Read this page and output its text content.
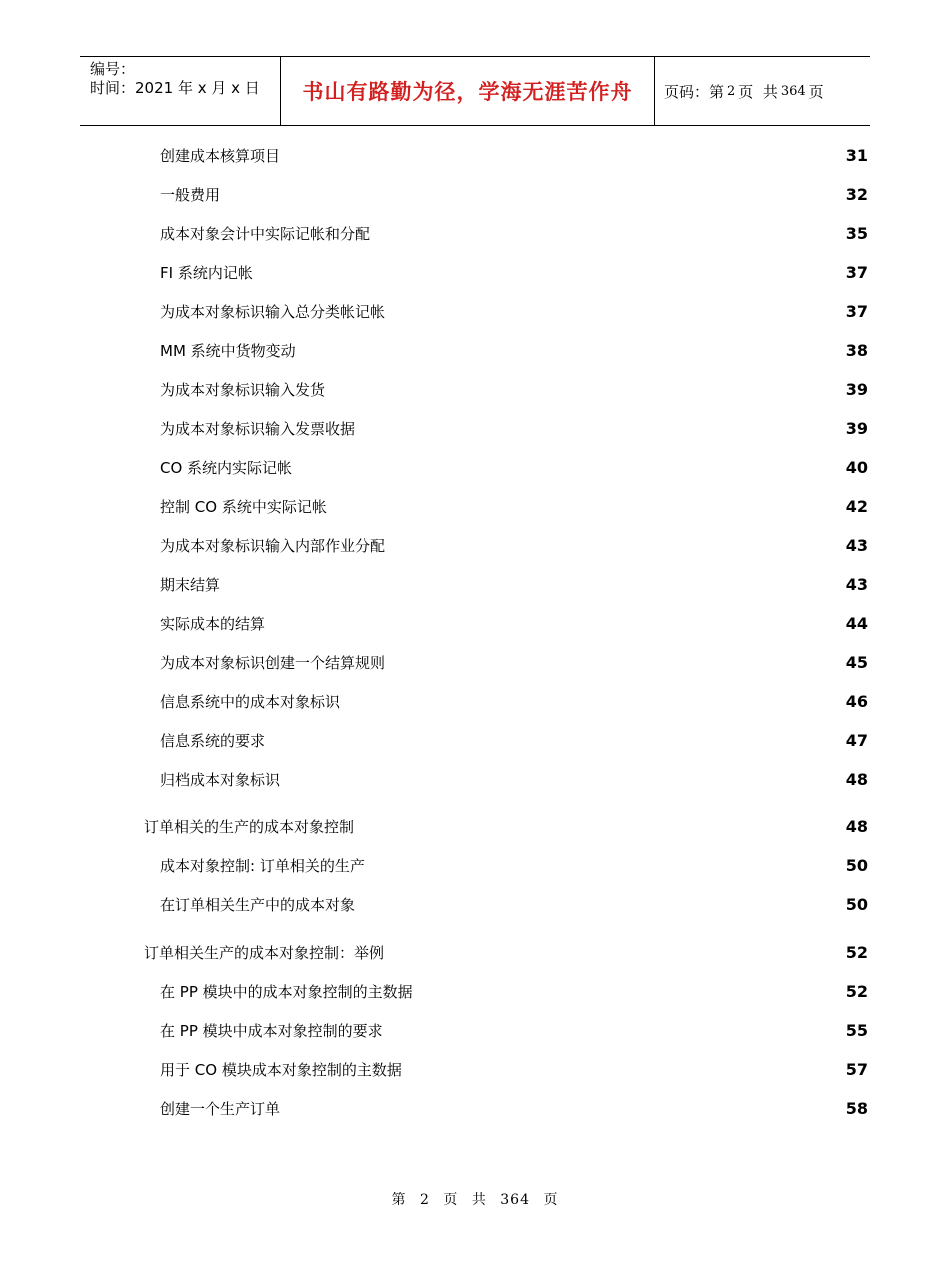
编号：
时间：2021 年 x 月 x 日	书山有路勤为径，学海无涯苦作舟	页码：第 2 页  共 364 页
创建成本核算项目	31
一般费用	32
成本对象会计中实际记帐和分配	35
FI 系统内记帐	37
为成本对象标识输入总分类帐记帐	37
MM 系统中货物变动	38
为成本对象标识输入发货	39
为成本对象标识输入发票收据	39
CO 系统内实际记帐	40
控制 CO 系统中实际记帐	42
为成本对象标识输入内部作业分配	43
期末结算	43
实际成本的结算	44
为成本对象标识创建一个结算规则	45
信息系统中的成本对象标识	46
信息系统的要求	47
归档成本对象标识	48
订单相关的生产的成本对象控制	48
成本对象控制: 订单相关的生产	50
在订单相关生产中的成本对象	50
订单相关生产的成本对象控制：举例	52
在 PP 模块中的成本对象控制的主数据	52
在 PP 模块中成本对象控制的要求	55
用于 CO 模块成本对象控制的主数据	57
创建一个生产订单	58
第 2 页 共 364 页
